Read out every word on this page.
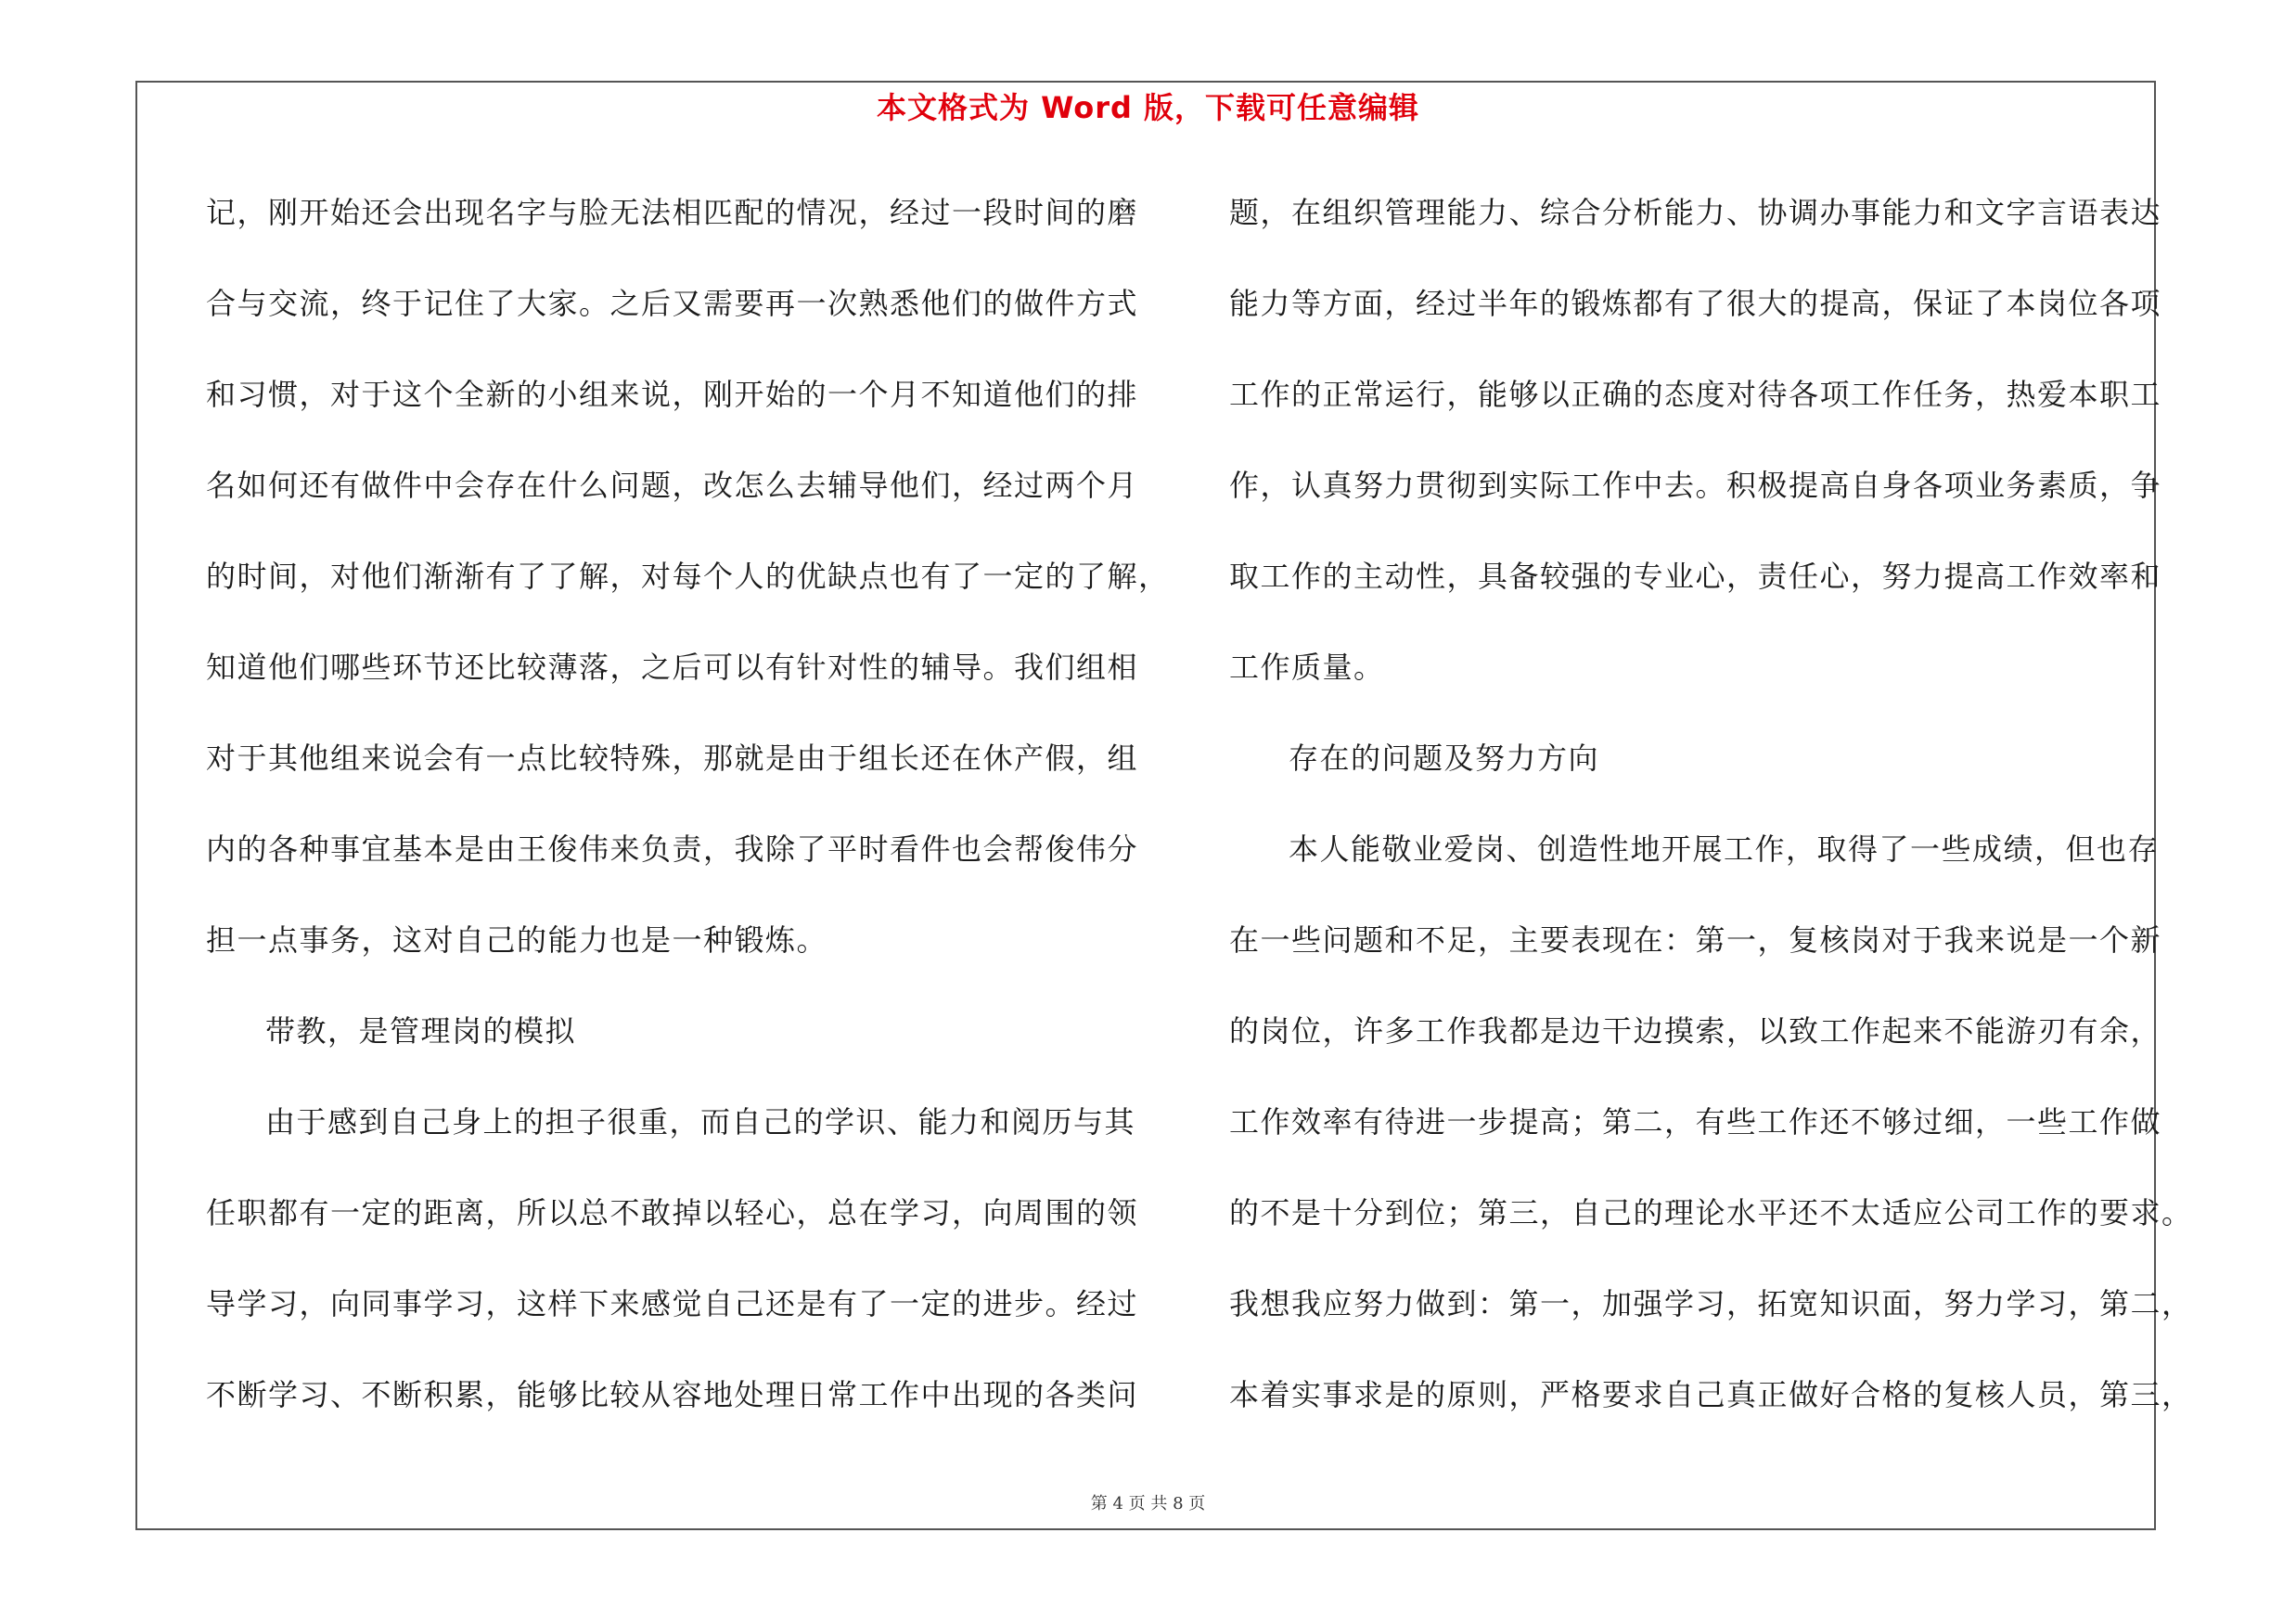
本文格式为 Word 版，下载可任意编辑
记，刚开始还会出现名字与脸无法相匹配的情况，经过一段时间的磨
合与交流，终于记住了大家。之后又需要再一次熟悉他们的做件方式
和习惯，对于这个全新的小组来说，刚开始的一个月不知道他们的排
名如何还有做件中会存在什么问题，改怎么去辅导他们，经过两个月
的时间，对他们渐渐有了了解，对每个人的优缺点也有了一定的了解，
知道他们哪些环节还比较薄落，之后可以有针对性的辅导。我们组相
对于其他组来说会有一点比较特殊，那就是由于组长还在休产假，组
内的各种事宜基本是由王俊伟来负责，我除了平时看件也会帮俊伟分
担一点事务，这对自己的能力也是一种锻炼。
带教，是管理岗的模拟
由于感到自己身上的担子很重，而自己的学识、能力和阅历与其
任职都有一定的距离，所以总不敢掉以轻心，总在学习，向周围的领
导学习，向同事学习，这样下来感觉自己还是有了一定的进步。经过
不断学习、不断积累，能够比较从容地处理日常工作中出现的各类问
题，在组织管理能力、综合分析能力、协调办事能力和文字言语表达
能力等方面，经过半年的锻炼都有了很大的提高，保证了本岗位各项
工作的正常运行，能够以正确的态度对待各项工作任务，热爱本职工
作，认真努力贯彻到实际工作中去。积极提高自身各项业务素质，争
取工作的主动性，具备较强的专业心，责任心，努力提高工作效率和
工作质量。
存在的问题及努力方向
本人能敬业爱岗、创造性地开展工作，取得了一些成绩，但也存
在一些问题和不足，主要表现在：第一，复核岗对于我来说是一个新
的岗位，许多工作我都是边干边摸索，以致工作起来不能游刃有余，
工作效率有待进一步提高；第二，有些工作还不够过细，一些工作做
的不是十分到位；第三，自己的理论水平还不太适应公司工作的要求。
我想我应努力做到：第一，加强学习，拓宽知识面，努力学习，第二，
本着实事求是的原则，严格要求自己真正做好合格的复核人员，第三，
第 4 页 共 8 页
